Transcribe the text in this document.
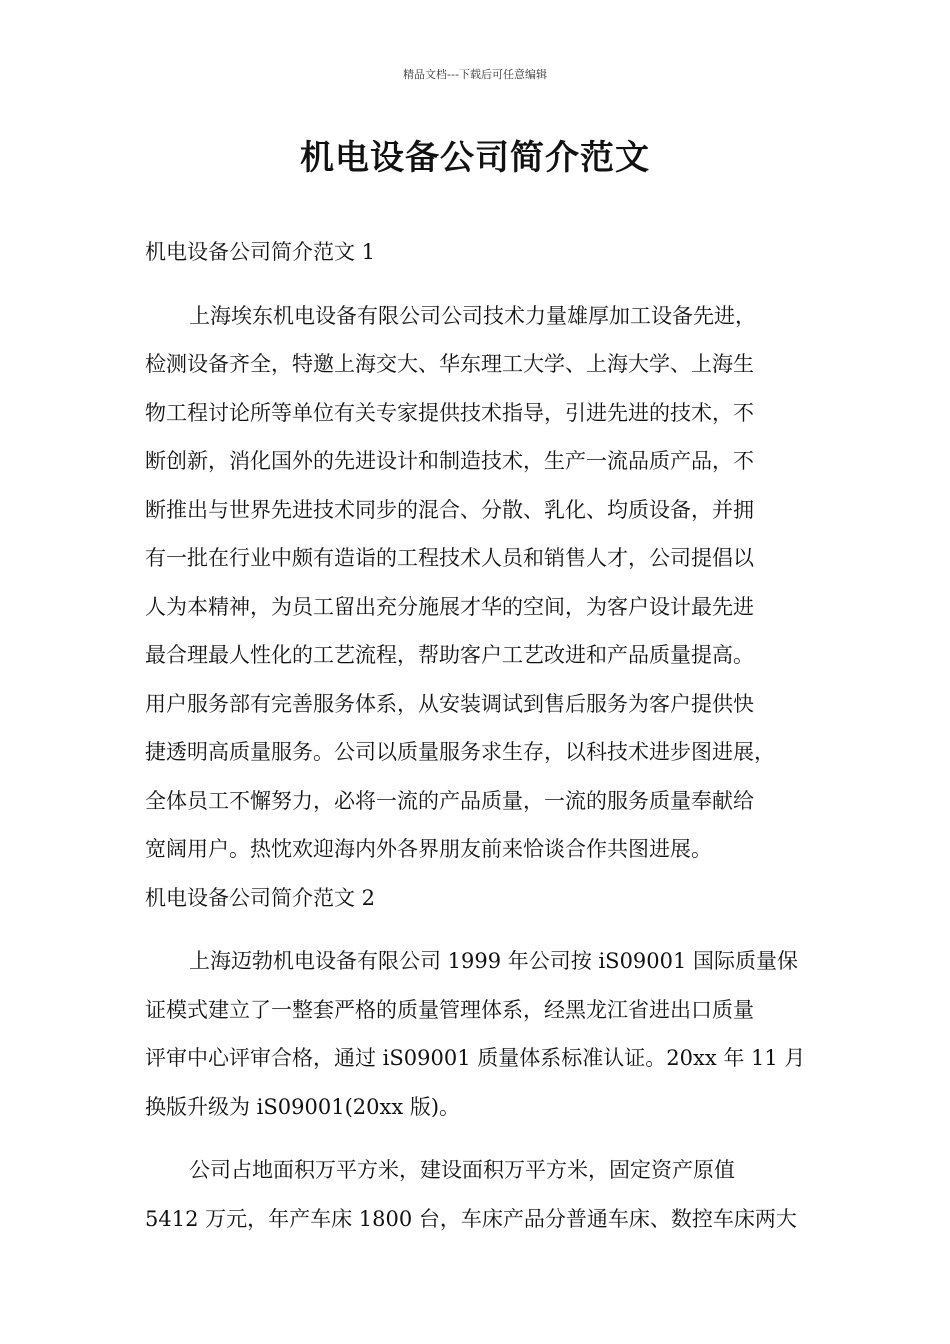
精品文档---下载后可任意编辑
机电设备公司简介范文
机电设备公司简介范文 1
上海埃东机电设备有限公司公司技术力量雄厚加工设备先进，
检测设备齐全，特邀上海交大、华东理工大学、上海大学、上海生
物工程讨论所等单位有关专家提供技术指导，引进先进的技术，不
断创新，消化国外的先进设计和制造技术，生产一流品质产品，不
断推出与世界先进技术同步的混合、分散、乳化、均质设备，并拥
有一批在行业中颇有造诣的工程技术人员和销售人才，公司提倡以
人为本精神，为员工留出充分施展才华的空间，为客户设计最先进
最合理最人性化的工艺流程，帮助客户工艺改进和产品质量提高。
用户服务部有完善服务体系，从安装调试到售后服务为客户提供快
捷透明高质量服务。公司以质量服务求生存，以科技术进步图进展，
全体员工不懈努力，必将一流的产品质量，一流的服务质量奉献给
宽阔用户。热忱欢迎海内外各界朋友前来恰谈合作共图进展。
机电设备公司简介范文 2
上海迈勃机电设备有限公司 1999 年公司按 iS09001 国际质量保
证模式建立了一整套严格的质量管理体系，经黑龙江省进出口质量
评审中心评审合格，通过 iS09001 质量体系标准认证。20xx 年 11 月
换版升级为 iS09001(20xx 版)。
公司占地面积万平方米，建设面积万平方米，固定资产原值
5412 万元，年产车床 1800 台，车床产品分普通车床、数控车床两大
